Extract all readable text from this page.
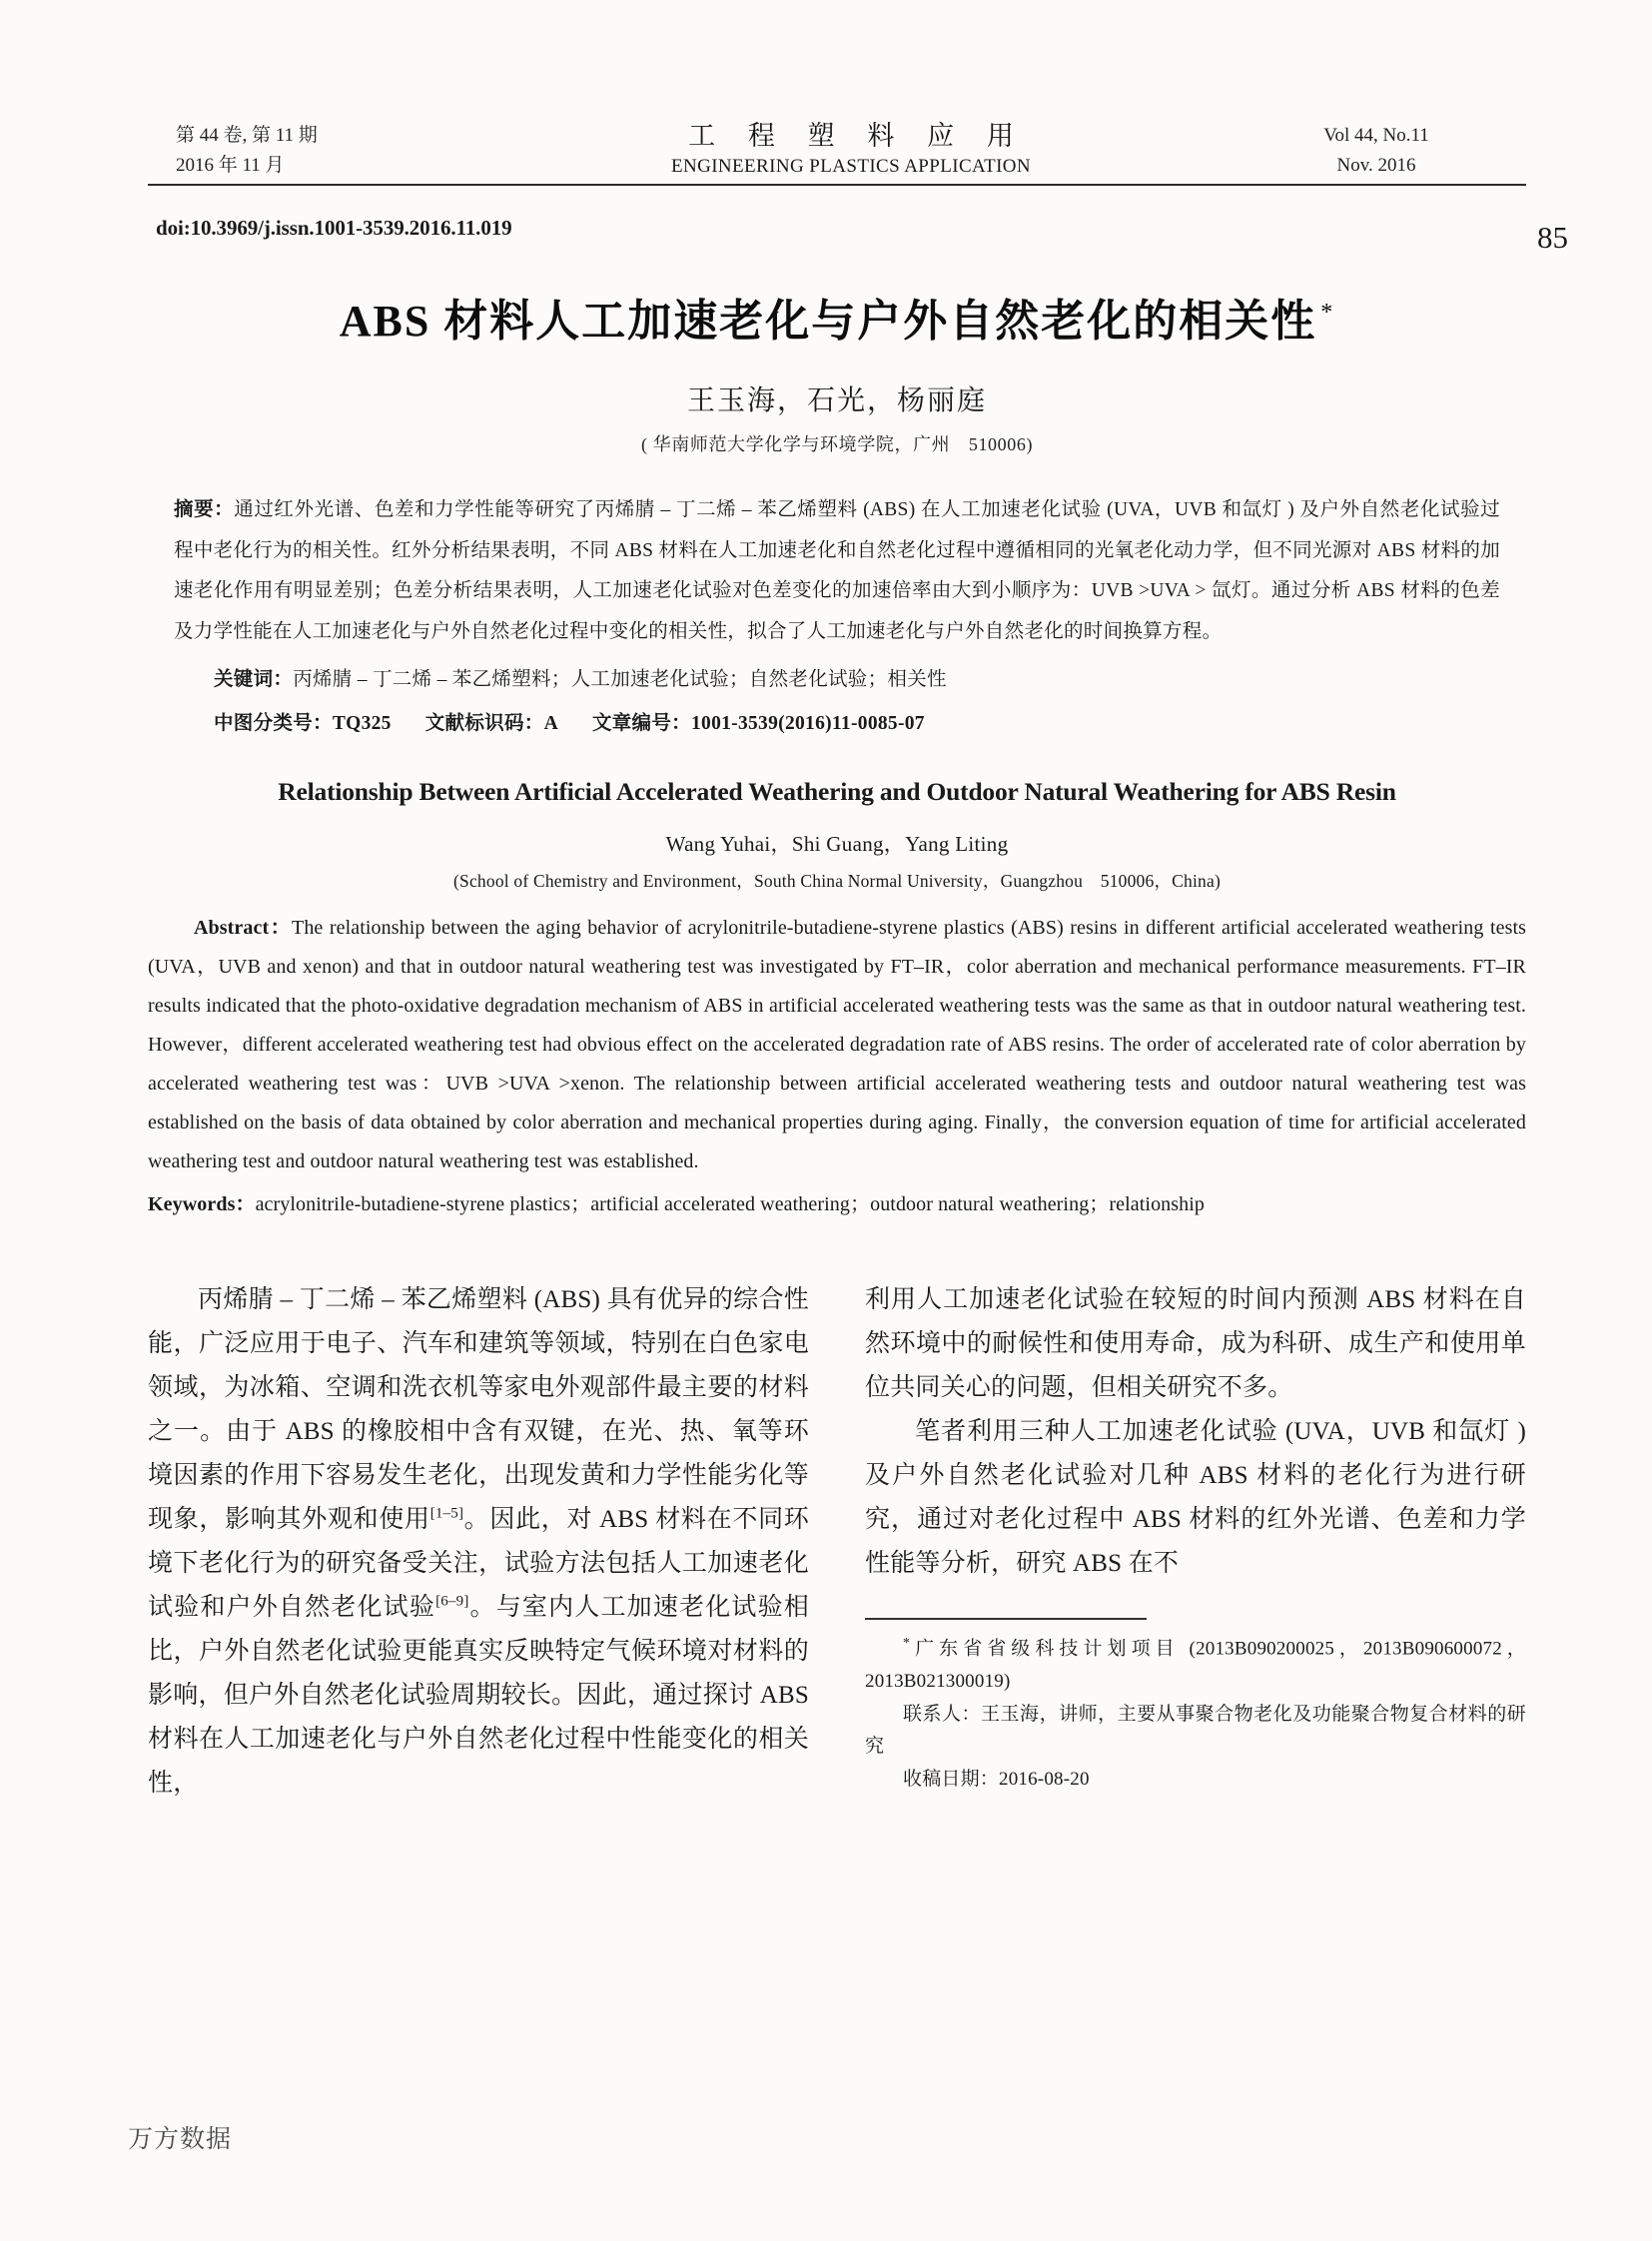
第 44 卷, 第 11 期
2016 年 11 月
工 程 塑 料 应 用
ENGINEERING PLASTICS APPLICATION
Vol 44, No.11
Nov. 2016
85
doi:10.3969/j.issn.1001-3539.2016.11.019
ABS 材料人工加速老化与户外自然老化的相关性 *
王玉海，石光，杨丽庭
( 华南师范大学化学与环境学院，广州　510006)
摘要：通过红外光谱、色差和力学性能等研究了丙烯腈 – 丁二烯 – 苯乙烯塑料 (ABS) 在人工加速老化试验 (UVA，UVB 和氙灯 ) 及户外自然老化试验过程中老化行为的相关性。红外分析结果表明，不同 ABS 材料在人工加速老化和自然老化过程中遵循相同的光氧老化动力学，但不同光源对 ABS 材料的加速老化作用有明显差别；色差分析结果表明，人工加速老化试验对色差变化的加速倍率由大到小顺序为：UVB >UVA > 氙灯。通过分析 ABS 材料的色差及力学性能在人工加速老化与户外自然老化过程中变化的相关性，拟合了人工加速老化与户外自然老化的时间换算方程。
关键词：丙烯腈 – 丁二烯 – 苯乙烯塑料；人工加速老化试验；自然老化试验；相关性
中图分类号：TQ325 文献标识码：A 文章编号：1001-3539(2016)11-0085-07
Relationship Between Artificial Accelerated Weathering and Outdoor Natural Weathering for ABS Resin
Wang Yuhai，Shi Guang，Yang Liting
(School of Chemistry and Environment，South China Normal University，Guangzhou　510006，China)
Abstract：The relationship between the aging behavior of acrylonitrile-butadiene-styrene plastics (ABS) resins in different artificial accelerated weathering tests (UVA，UVB and xenon) and that in outdoor natural weathering test was investigated by FT–IR，color aberration and mechanical performance measurements. FT–IR results indicated that the photo-oxidative degradation mechanism of ABS in artificial accelerated weathering tests was the same as that in outdoor natural weathering test. However，different accelerated weathering test had obvious effect on the accelerated degradation rate of ABS resins. The order of accelerated rate of color aberration by accelerated weathering test was：UVB >UVA >xenon. The relationship between artificial accelerated weathering tests and outdoor natural weathering test was established on the basis of data obtained by color aberration and mechanical properties during aging. Finally，the conversion equation of time for artificial accelerated weathering test and outdoor natural weathering test was established.
Keywords：acrylonitrile-butadiene-styrene plastics；artificial accelerated weathering；outdoor natural weathering；relationship

丙烯腈 – 丁二烯 – 苯乙烯塑料 (ABS) 具有优异的综合性能，广泛应用于电子、汽车和建筑等领域，特别在白色家电领域，为冰箱、空调和洗衣机等家电外观部件最主要的材料之一。由于 ABS 的橡胶相中含有双键，在光、热、氧等环境因素的作用下容易发生老化，出现发黄和力学性能劣化等现象，影响其外观和使用[1–5]。因此，对 ABS 材料在不同环境下老化行为的研究备受关注，试验方法包括人工加速老化试验和户外自然老化试验[6–9]。与室内人工加速老化试验相比，户外自然老化试验更能真实反映特定气候环境对材料的影响，但户外自然老化试验周期较长。因此，通过探讨 ABS 材料在人工加速老化与户外自然老化过程中性能变化的相关性，

利用人工加速老化试验在较短的时间内预测 ABS 材料在自然环境中的耐候性和使用寿命，成为科研、成生产和使用单位共同关心的问题，但相关研究不多。

笔者利用三种人工加速老化试验 (UVA，UVB 和氙灯 ) 及户外自然老化试验对几种 ABS 材料的老化行为进行研究，通过对老化过程中 ABS 材料的红外光谱、色差和力学性能等分析，研究 ABS 在不

*广东省省级科技计划项目 (2013B090200025，2013B090600072，2013B021300019)

联系人：王玉海，讲师，主要从事聚合物老化及功能聚合物复合材料的研究

收稿日期：2016-08-20

万方数据
